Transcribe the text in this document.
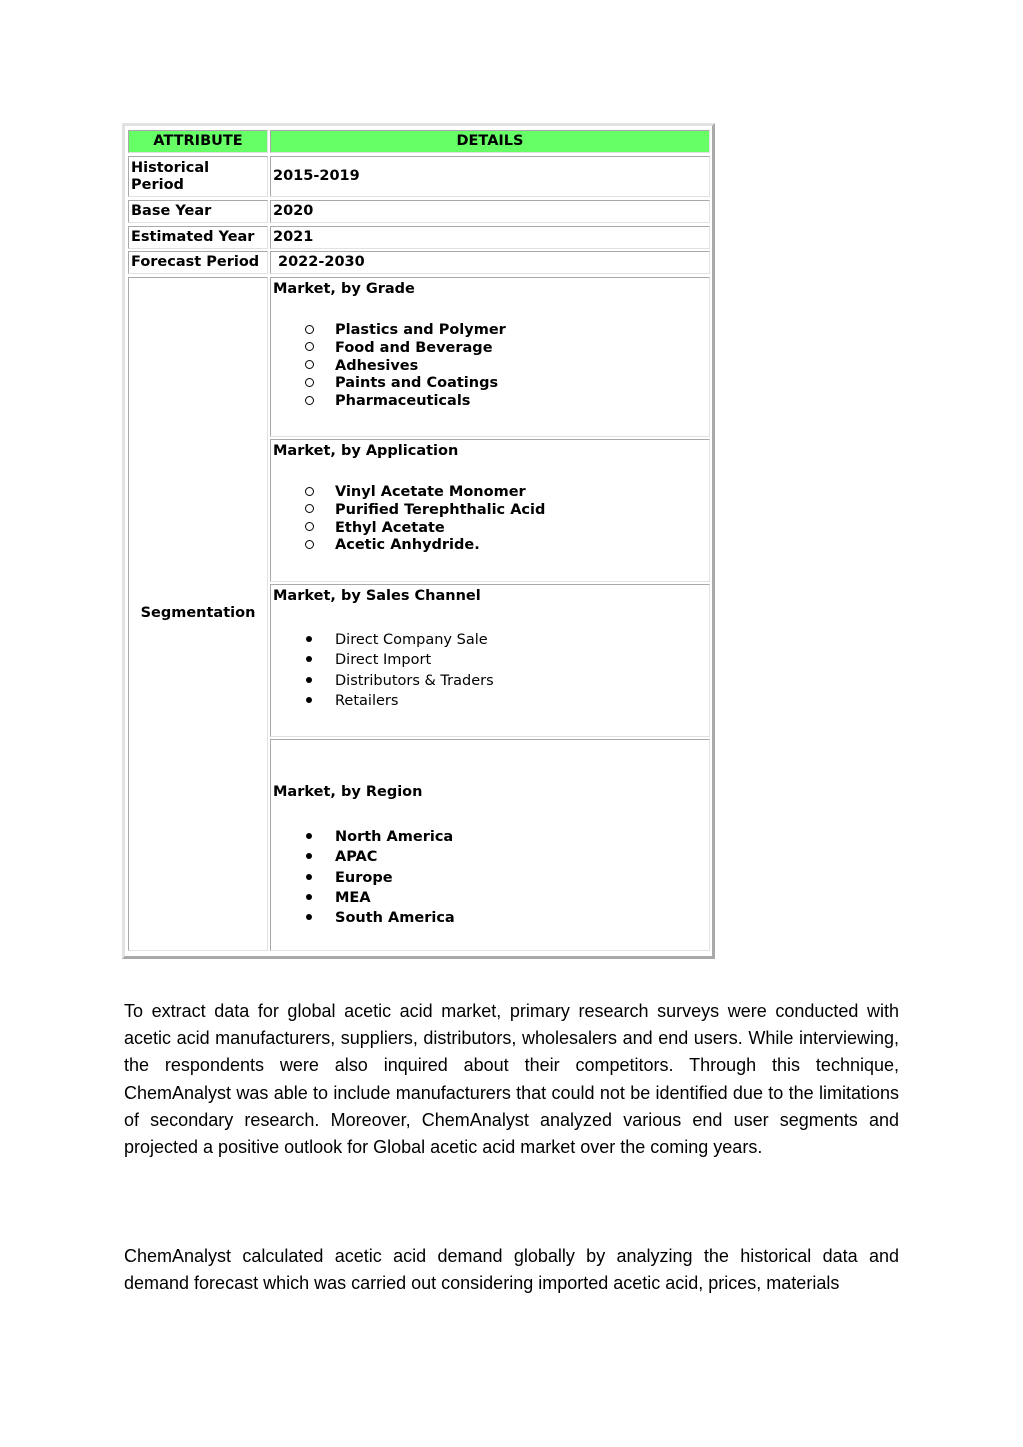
ATTRIBUTE	DETAILS
Historical Period
2015-2019
Base Year	2020
Estimated Year 2021
Forecast Period 2022-2030
Segmentation
Market, by Grade
Plastics and Polymer
Food and Beverage
Adhesives
Paints and Coatings
Pharmaceuticals
Market, by Application
Vinyl Acetate Monomer
Purified Terephthalic Acid
Ethyl Acetate
Acetic Anhydride.
Market, by Sales Channel
Direct Company Sale
Direct Import
Distributors & Traders
Retailers
Market, by Region
North America
APAC
Europe
MEA
South America

To extract data for global acetic acid market, primary research surveys were conducted with acetic acid manufacturers, suppliers, distributors, wholesalers and end users. While interviewing, the respondents were also inquired about their competitors. Through this technique, ChemAnalyst was able to include manufacturers that could not be identified due to the limitations of secondary research. Moreover, ChemAnalyst analyzed various end user segments and projected a positive outlook for Global acetic acid market over the coming years.

ChemAnalyst calculated acetic acid demand globally by analyzing the historical data and demand forecast which was carried out considering imported acetic acid, prices, materials
